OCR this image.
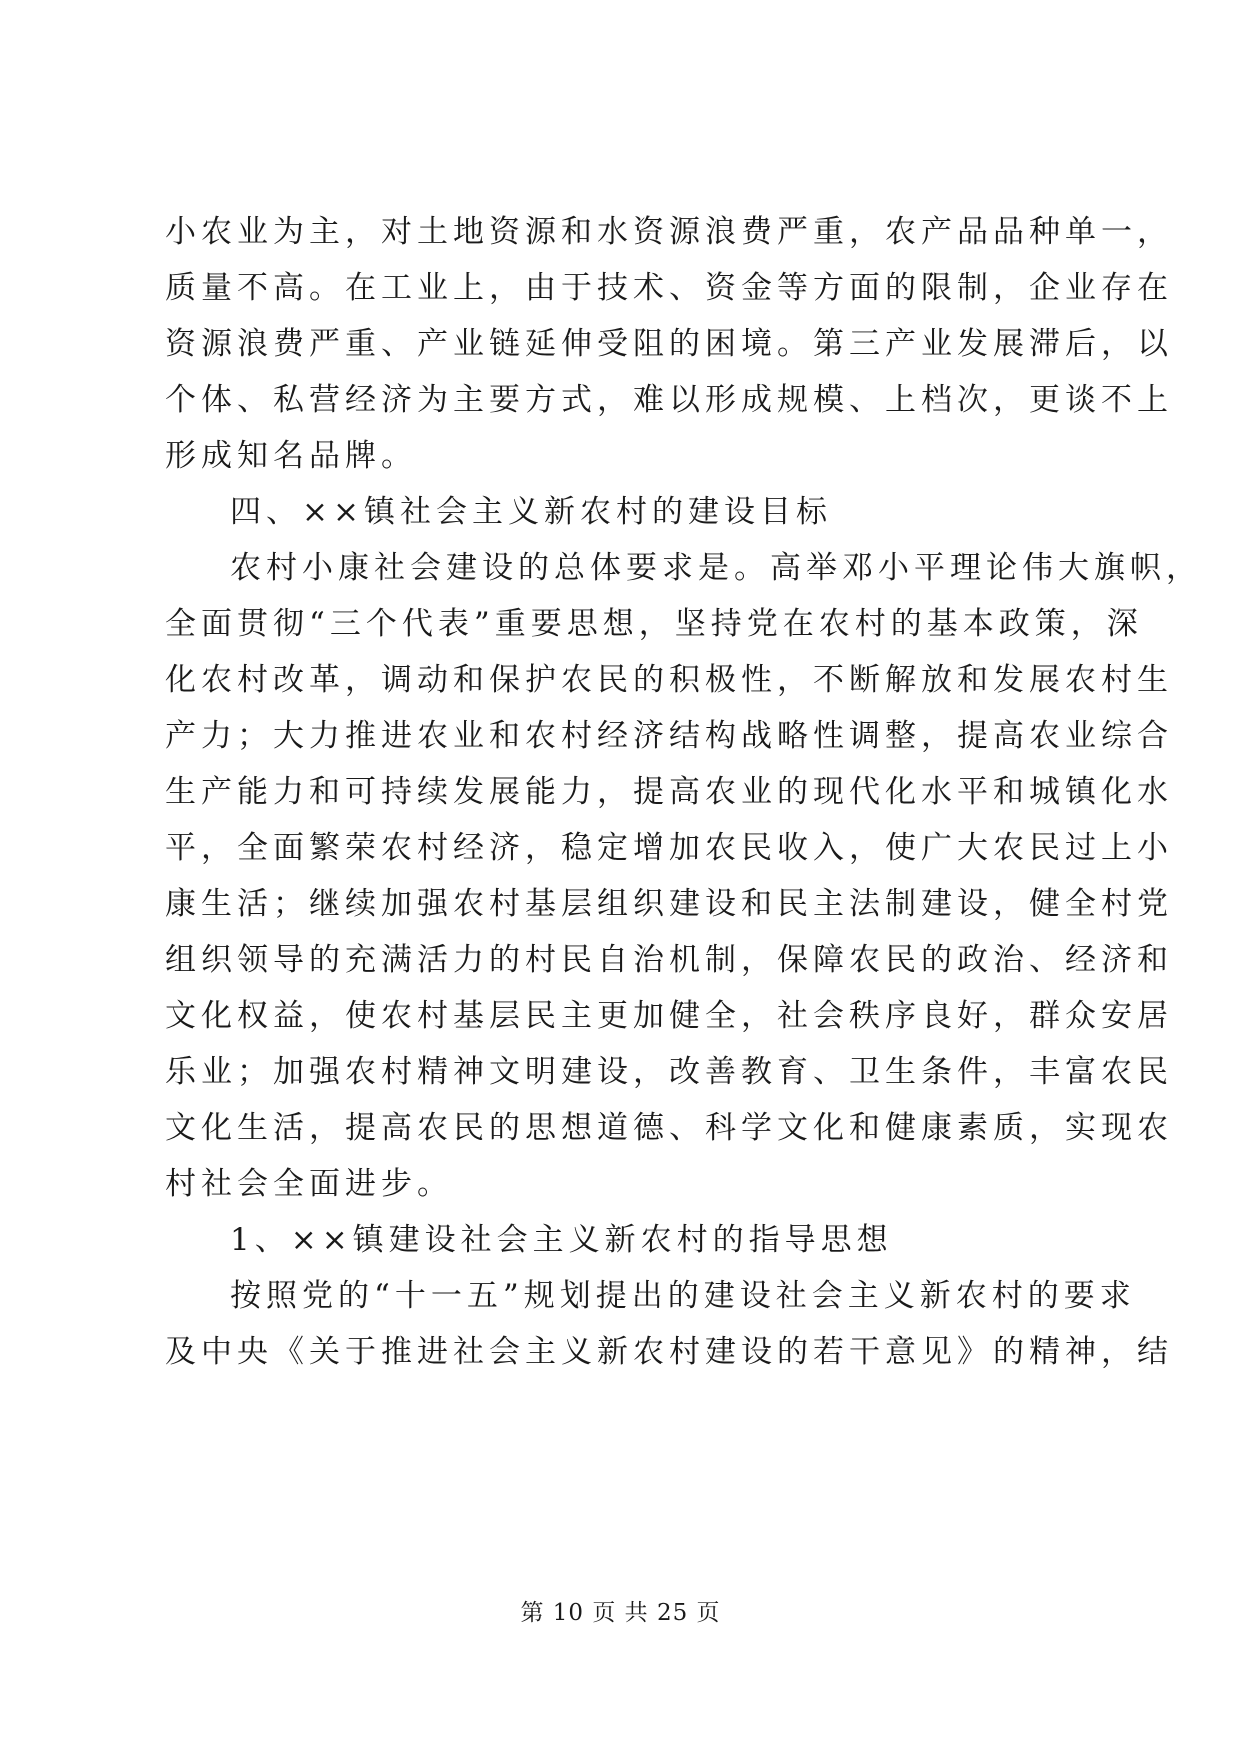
小农业为主，对土地资源和水资源浪费严重，农产品品种单一，
质量不高。在工业上，由于技术、资金等方面的限制，企业存在
资源浪费严重、产业链延伸受阻的困境。第三产业发展滞后，以
个体、私营经济为主要方式，难以形成规模、上档次，更谈不上
形成知名品牌。
四、××镇社会主义新农村的建设目标
农村小康社会建设的总体要求是。高举邓小平理论伟大旗帜，
全面贯彻“三个代表”重要思想，坚持党在农村的基本政策，深
化农村改革，调动和保护农民的积极性，不断解放和发展农村生
产力；大力推进农业和农村经济结构战略性调整，提高农业综合
生产能力和可持续发展能力，提高农业的现代化水平和城镇化水
平，全面繁荣农村经济，稳定增加农民收入，使广大农民过上小
康生活；继续加强农村基层组织建设和民主法制建设，健全村党
组织领导的充满活力的村民自治机制，保障农民的政治、经济和
文化权益，使农村基层民主更加健全，社会秩序良好，群众安居
乐业；加强农村精神文明建设，改善教育、卫生条件，丰富农民
文化生活，提高农民的思想道德、科学文化和健康素质，实现农
村社会全面进步。
1、××镇建设社会主义新农村的指导思想
按照党的“十一五”规划提出的建设社会主义新农村的要求
及中央《关于推进社会主义新农村建设的若干意见》的精神，结
第 10 页 共 25 页
